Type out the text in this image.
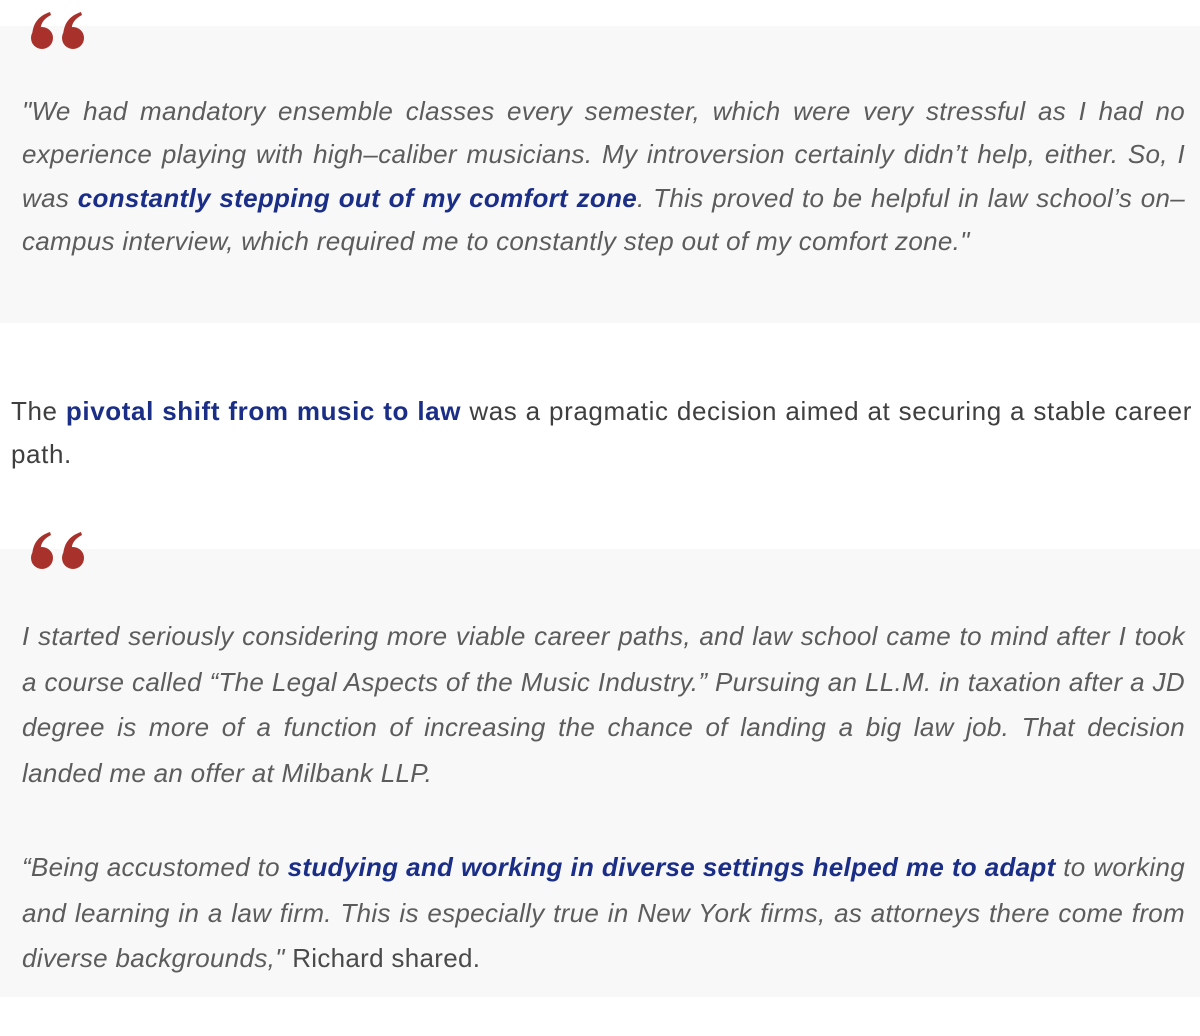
"We had mandatory ensemble classes every semester, which were very stressful as I had no experience playing with high–caliber musicians. My introversion certainly didn’t help, either. So, I was constantly stepping out of my comfort zone. This proved to be helpful in law school’s on–campus interview, which required me to constantly step out of my comfort zone."

The pivotal shift from music to law was a pragmatic decision aimed at securing a stable career path.

I started seriously considering more viable career paths, and law school came to mind after I took a course called “The Legal Aspects of the Music Industry.” Pursuing an LL.M. in taxation after a JD degree is more of a function of increasing the chance of landing a big law job. That decision landed me an offer at Milbank LLP.

“Being accustomed to studying and working in diverse settings helped me to adapt to working and learning in a law firm. This is especially true in New York firms, as attorneys there come from diverse backgrounds," Richard shared.
